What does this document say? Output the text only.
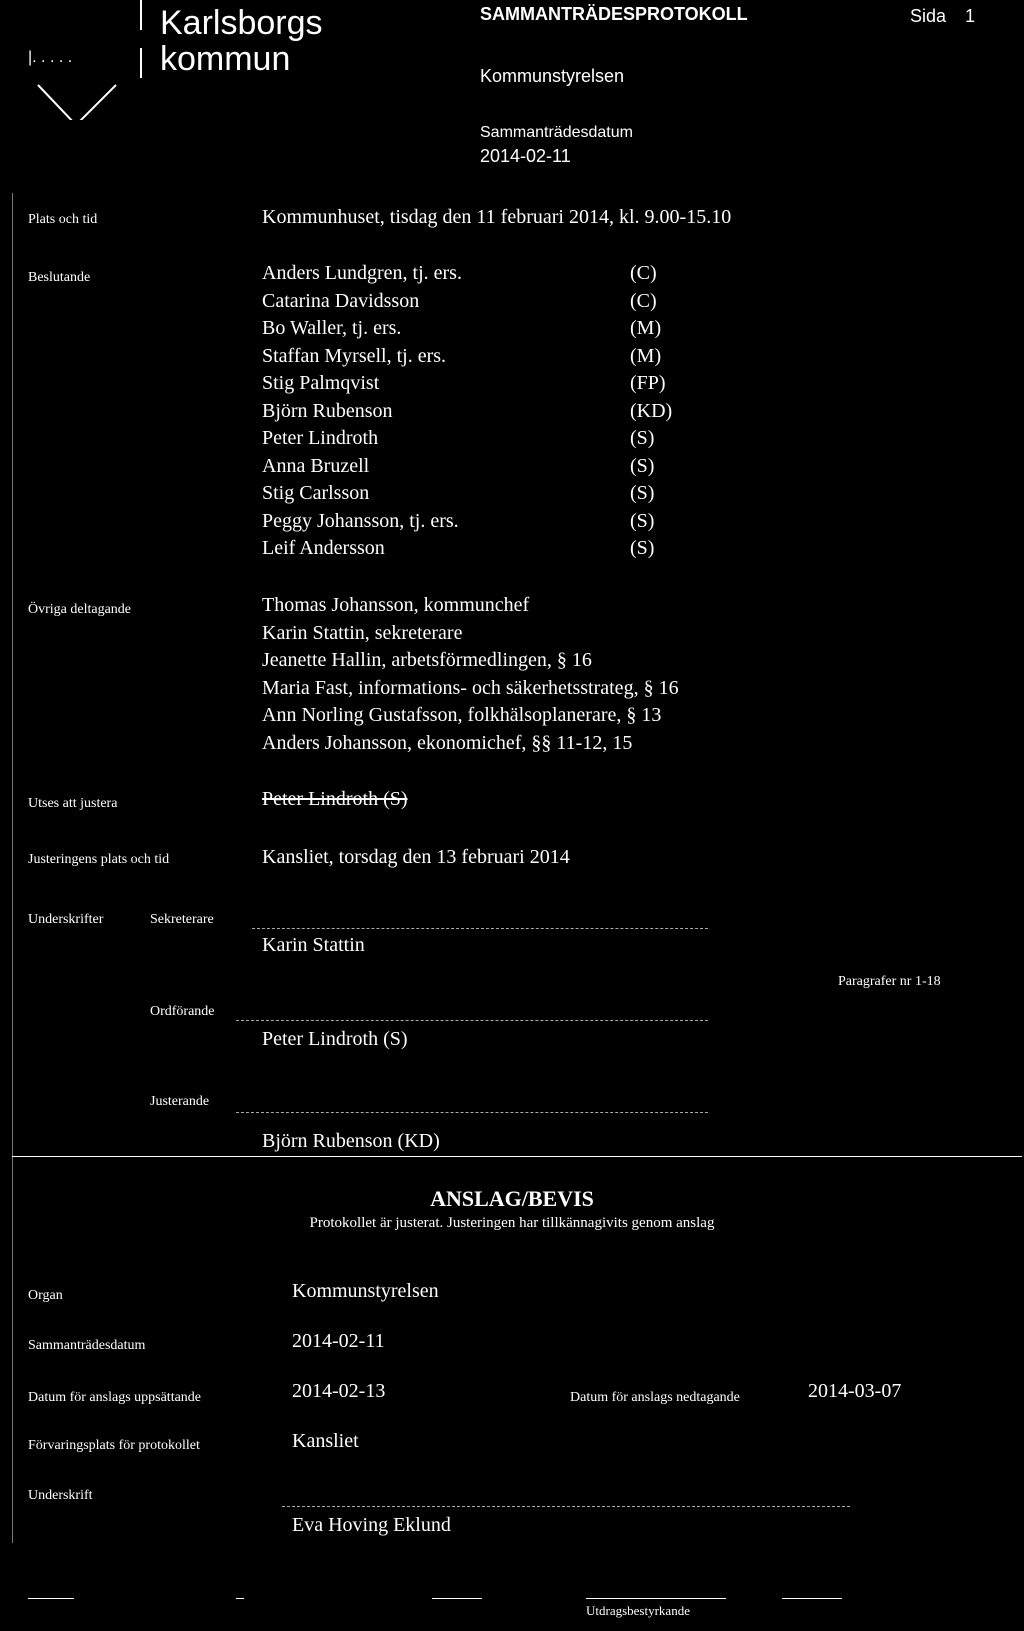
|. . . . .
Karlsborgs
kommun
SAMMANTRÄDESPROTOKOLL	Sida 1
Kommunstyrelsen
Sammanträdesdatum
2014-02-11
Plats och tid	Kommunhuset, tisdag den 11 februari 2014, kl. 9.00-15.10
Beslutande	Anders Lundgren, tj. ers.	(C)
Catarina Davidsson	(C)
Bo Waller, tj. ers.	(M)
Staffan Myrsell, tj. ers.	(M)
Stig Palmqvist	(FP)
Björn Rubenson	(KD)
Peter Lindroth	(S)
Anna Bruzell	(S)
Stig Carlsson	(S)
Peggy Johansson, tj. ers.	(S)
Leif Andersson	(S)
Övriga deltagande	Thomas Johansson, kommunchef
Karin Stattin, sekreterare
Jeanette Hallin, arbetsförmedlingen, § 16
Maria Fast, informations- och säkerhetsstrateg, § 16
Ann Norling Gustafsson, folkhälsoplanerare, § 13
Anders Johansson, ekonomichef, §§ 11-12, 15
Utses att justera	Peter Lindroth (S)
Justeringens plats och tid	Kansliet, torsdag den 13 februari 2014
Underskrifter	Sekreterare
Karin Stattin
Paragrafer nr 1-18
Ordförande
Peter Lindroth (S)
Justerande
Björn Rubenson (KD)
ANSLAG/BEVIS
Protokollet är justerat. Justeringen har tillkännagivits genom anslag
Organ	Kommunstyrelsen
Sammanträdesdatum	2014-02-11
Datum för anslags uppsättande	2014-02-13	Datum för anslags nedtagande	2014-03-07
Förvaringsplats för protokollet	Kansliet
Underskrift
Eva Hoving Eklund
Utdragsbestyrkande
